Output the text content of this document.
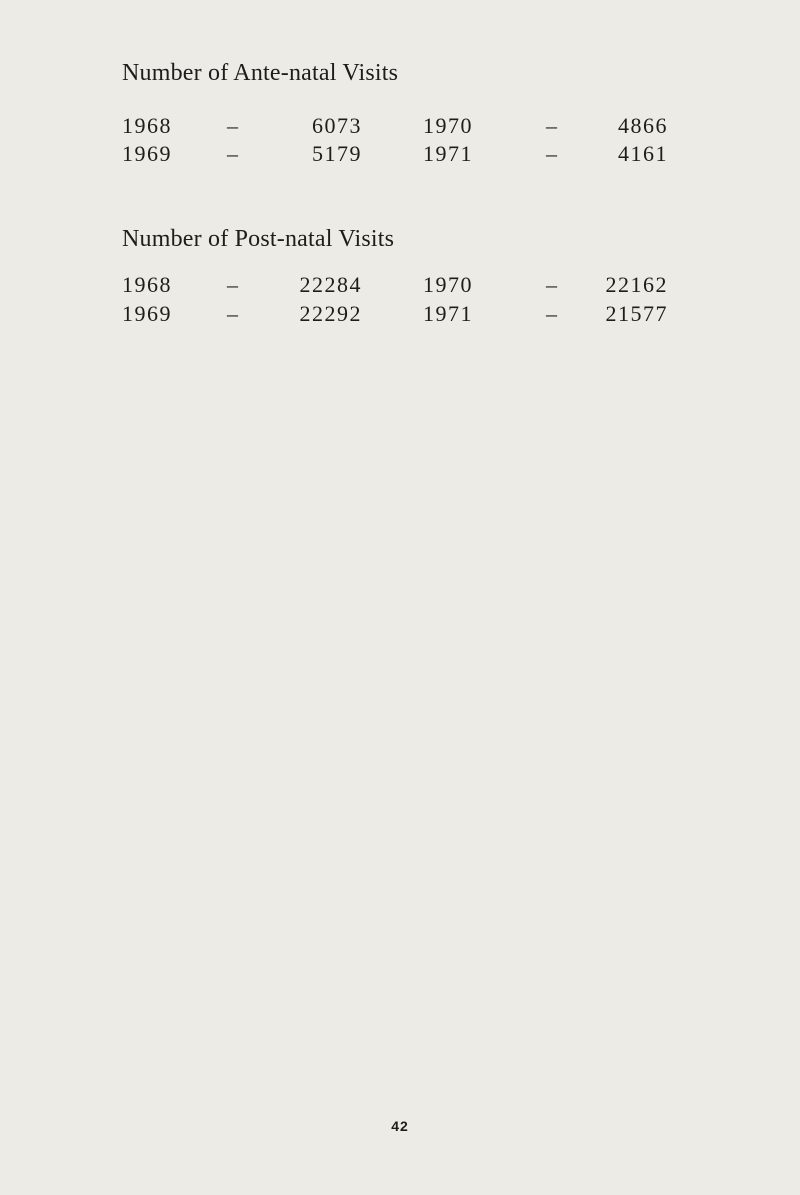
Number of Ante-natal Visits
1968	–	6073	1970	–	4866
1969	–	5179	1971	–	4161
Number of Post-natal Visits
1968	–	22284	1970	– 22162
1969	–	22292	1971	– 21577
42
